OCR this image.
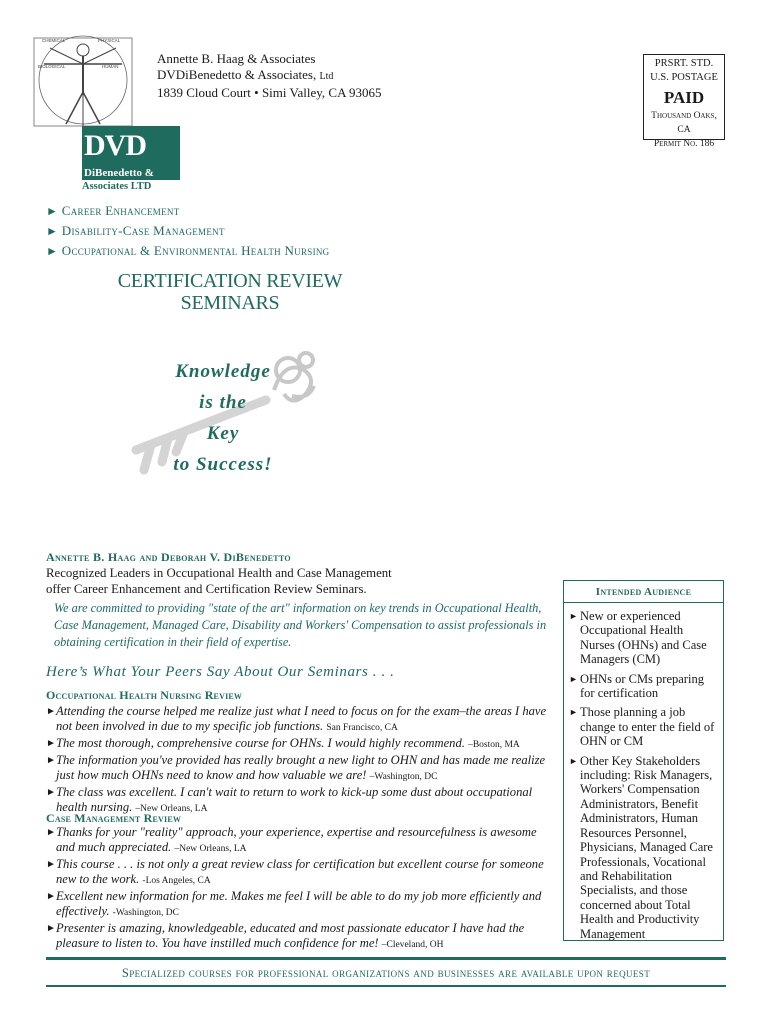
CHEMICAL	PHYSICAL
BIOLOGICAL	HUMAN
DVD
DiBenedetto &
Associates LTD
Annette B. Haag & Associates
DVDiBenedetto & Associates, Ltd
1839 Cloud Court • Simi Valley, CA 93065
PRSRT. STD.
U.S. POSTAGE
PAID
Thousand Oaks, CA
Permit No. 186
► Career Enhancement
► Disability-Case Management
► Occupational & Environmental Health Nursing
CERTIFICATION REVIEW
SEMINARS
Knowledge
is the
Key
to Success!
Annette B. Haag and Deborah V. DiBenedetto
Recognized Leaders in Occupational Health and Case Management
offer Career Enhancement and Certification Review Seminars.
We are committed to providing "state of the art" information on key trends in Occupational Health, Case Management, Managed Care, Disability and Workers' Compensation to assist professionals in obtaining certification in their field of expertise.
Here’s What Your Peers Say About Our Seminars . . .
Occupational Health Nursing Review
► Attending the course helped me realize just what I need to focus on for the exam–the areas I have not been involved in due to my specific job functions. San Francisco, CA
► The most thorough, comprehensive course for OHNs. I would highly recommend. –Boston, MA
► The information you've provided has really brought a new light to OHN and has made me realize just how much OHNs need to know and how valuable we are! –Washington, DC
► The class was excellent. I can't wait to return to work to kick-up some dust about occupational health nursing. –New Orleans, LA
Case Management Review
► Thanks for your "reality" approach, your experience, expertise and resourcefulness is awesome and much appreciated. –New Orleans, LA
► This course . . . is not only a great review class for certification but excellent course for someone new to the work. -Los Angeles, CA
► Excellent new information for me. Makes me feel I will be able to do my job more efficiently and effectively. -Washington, DC
► Presenter is amazing, knowledgeable, educated and most passionate educator I have had the pleasure to listen to. You have instilled much confidence for me! –Cleveland, OH
Intended Audience
► New or experienced Occupational Health Nurses (OHNs) and Case Managers (CM)
► OHNs or CMs preparing for certification
► Those planning a job change to enter the field of OHN or CM
► Other Key Stakeholders including: Risk Managers, Workers' Compensation Administrators, Benefit Administrators, Human Resources Personnel, Physicians, Managed Care Professionals, Vocational and Rehabilitation Specialists, and those concerned about Total Health and Productivity Management
Specialized courses for professional organizations and businesses are available upon request
